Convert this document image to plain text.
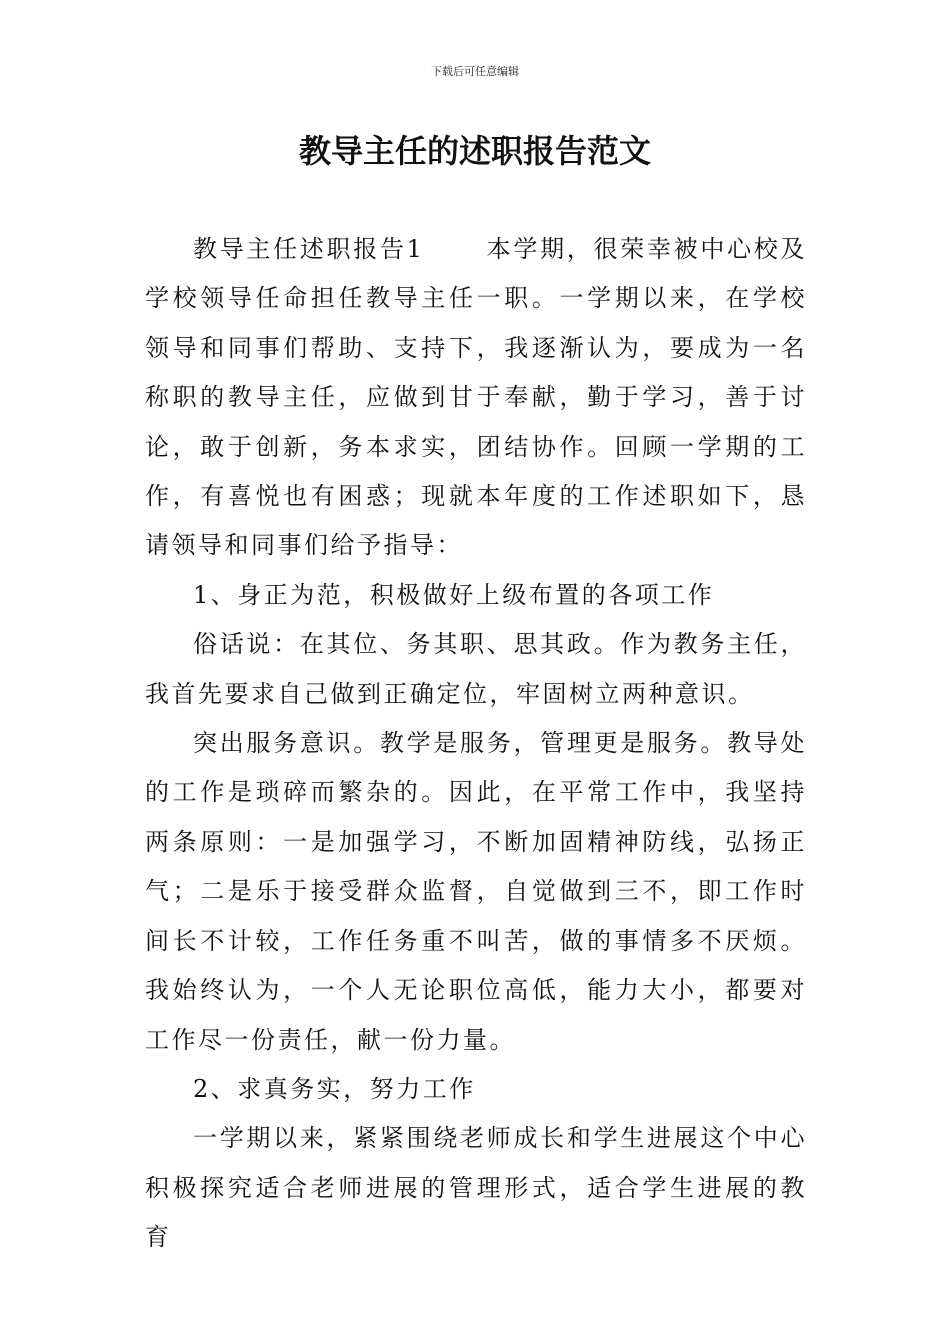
下载后可任意编辑
教导主任的述职报告范文

教导主任述职报告1	本学期，很荣幸被中心校及学校领导任命担任教导主任一职。一学期以来，在学校领导和同事们帮助、支持下，我逐渐认为，要成为一名称职的教导主任，应做到甘于奉献，勤于学习，善于讨论，敢于创新，务本求实，团结协作。回顾一学期的工作，有喜悦也有困惑；现就本年度的工作述职如下，恳请领导和同事们给予指导：

1、身正为范，积极做好上级布置的各项工作

俗话说：在其位、务其职、思其政。作为教务主任，我首先要求自己做到正确定位，牢固树立两种意识。

突出服务意识。教学是服务，管理更是服务。教导处的工作是琐碎而繁杂的。因此，在平常工作中，我坚持两条原则：一是加强学习，不断加固精神防线，弘扬正气；二是乐于接受群众监督，自觉做到三不，即工作时间长不计较，工作任务重不叫苦，做的事情多不厌烦。我始终认为，一个人无论职位高低，能力大小，都要对工作尽一份责任，献一份力量。

2、求真务实，努力工作

一学期以来，紧紧围绕老师成长和学生进展这个中心积极探究适合老师进展的管理形式，适合学生进展的教育
